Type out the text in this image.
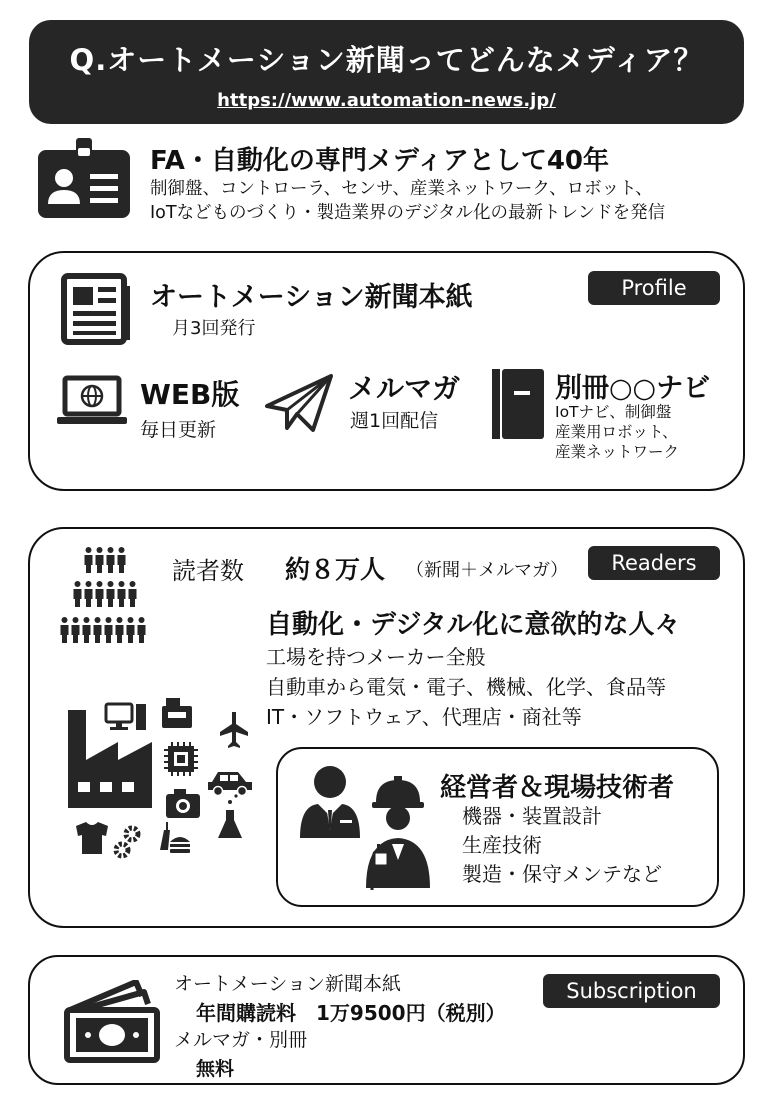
Q.オートメーション新聞ってどんなメディア？
https://www.automation-news.jp/
FA・自動化の専門メディアとして40年
制御盤、コントローラ、センサ、産業ネットワーク、ロボット、
IoTなどものづくり・製造業界のデジタル化の最新トレンドを発信
Profile
オートメーション新聞本紙
月3回発行
WEB版
毎日更新
メルマガ
週1回配信
別冊○○ナビ
IoTナビ、制御盤
産業用ロボット、
産業ネットワーク
Readers
読者数 約８万人 （新聞＋メルマガ）
自動化・デジタル化に意欲的な人々
工場を持つメーカー全般
自動車から電気・電子、機械、化学、食品等
IT・ソフトウェア、代理店・商社等
経営者＆現場技術者
機器・装置設計
生産技術
製造・保守メンテなど
Subscription
オートメーション新聞本紙
年間購読料　1万9500円（税別）
メルマガ・別冊
無料
